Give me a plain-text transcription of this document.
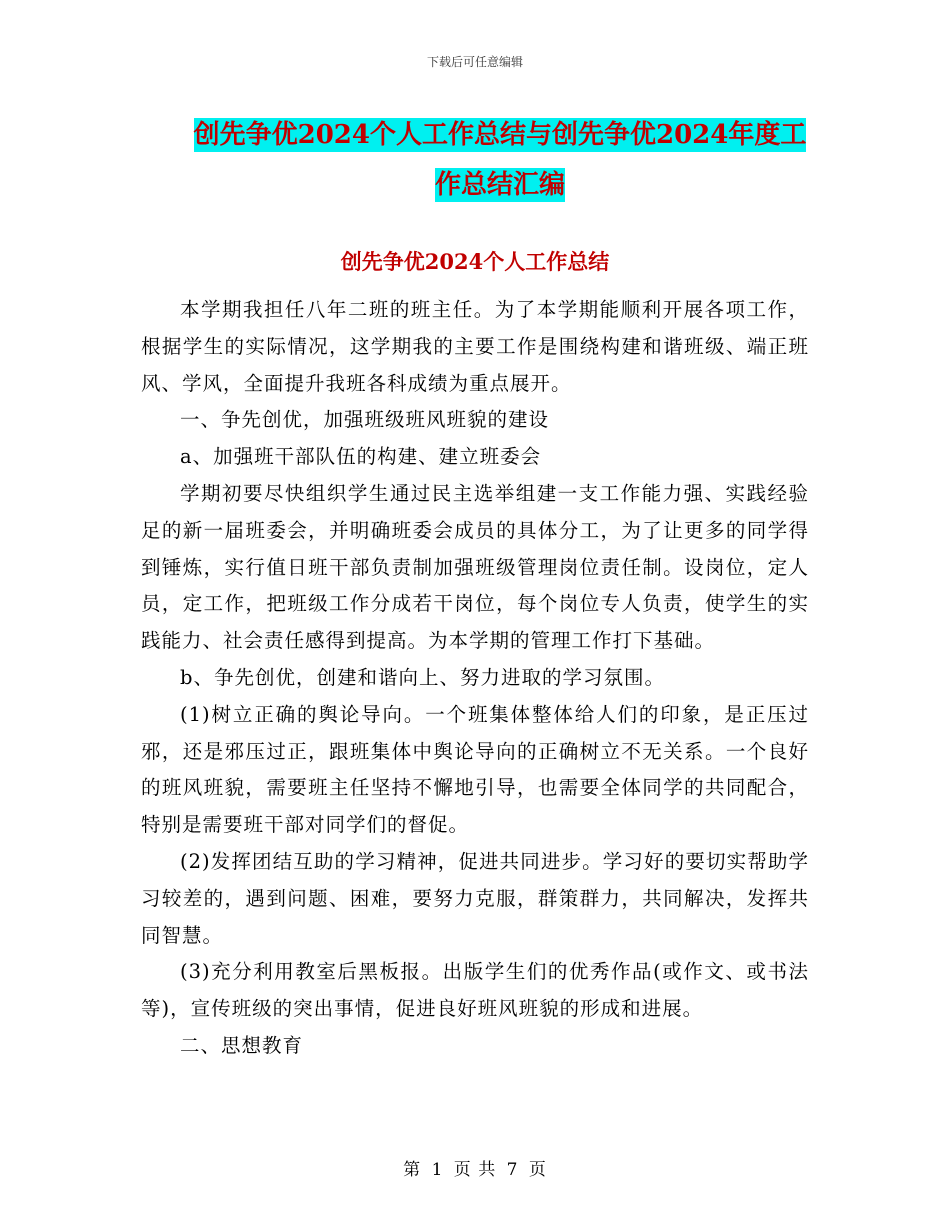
下载后可任意编辑
创先争优2024个人工作总结与创先争优2024年度工
作总结汇编
创先争优2024个人工作总结

本学期我担任八年二班的班主任。为了本学期能顺利开展各项工作，根据学生的实际情况，这学期我的主要工作是围绕构建和谐班级、端正班风、学风，全面提升我班各科成绩为重点展开。

一、争先创优，加强班级班风班貌的建设

a、加强班干部队伍的构建、建立班委会

学期初要尽快组织学生通过民主选举组建一支工作能力强、实践经验足的新一届班委会，并明确班委会成员的具体分工，为了让更多的同学得到锤炼，实行值日班干部负责制加强班级管理岗位责任制。设岗位，定人员，定工作，把班级工作分成若干岗位，每个岗位专人负责，使学生的实践能力、社会责任感得到提高。为本学期的管理工作打下基础。

b、争先创优，创建和谐向上、努力进取的学习氛围。

(1)树立正确的舆论导向。一个班集体整体给人们的印象，是正压过邪，还是邪压过正，跟班集体中舆论导向的正确树立不无关系。一个良好的班风班貌，需要班主任坚持不懈地引导，也需要全体同学的共同配合，特别是需要班干部对同学们的督促。

(2)发挥团结互助的学习精神，促进共同进步。学习好的要切实帮助学习较差的，遇到问题、困难，要努力克服，群策群力，共同解决，发挥共同智慧。

(3)充分利用教室后黑板报。出版学生们的优秀作品(或作文、或书法等)，宣传班级的突出事情，促进良好班风班貌的形成和进展。

二、思想教育

第 1 页 共 7 页
